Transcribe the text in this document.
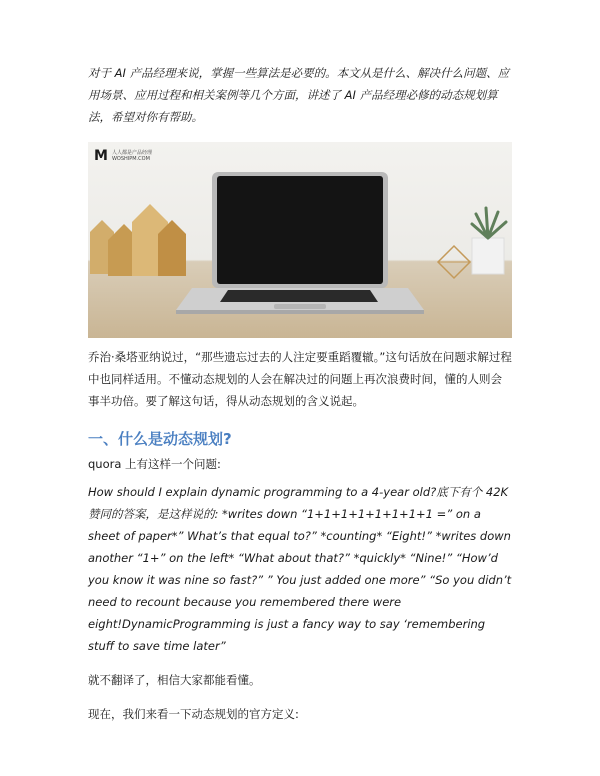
对于 AI 产品经理来说，掌握一些算法是必要的。本文从是什么、解决什么问题、应用场景、应用过程和相关案例等几个方面，讲述了 AI 产品经理必修的动态规划算法，希望对你有帮助。

M 人人都是产品经理
WOSHIPM.COM

乔治·桑塔亚纳说过，“那些遗忘过去的人注定要重蹈覆辙。”这句话放在问题求解过程中也同样适用。不懂动态规划的人会在解决过的问题上再次浪费时间，懂的人则会事半功倍。要了解这句话，得从动态规划的含义说起。

一、什么是动态规划?

quora 上有这样一个问题:

How should I explain dynamic programming to a 4-year old?底下有个 42K 赞同的答案，是这样说的: *writes down “1+1+1+1+1+1+1+1 =” on a sheet of paper*” What’s that equal to?” *counting* “Eight!” *writes down another “1+” on the left* “What about that?” *quickly* “Nine!” “How’d you know it was nine so fast?” ” You just added one more” “So you didn’t need to recount because you remembered there were eight!DynamicProgramming is just a fancy way to say ‘remembering stuff to save time later”

就不翻译了，相信大家都能看懂。

现在，我们来看一下动态规划的官方定义:
